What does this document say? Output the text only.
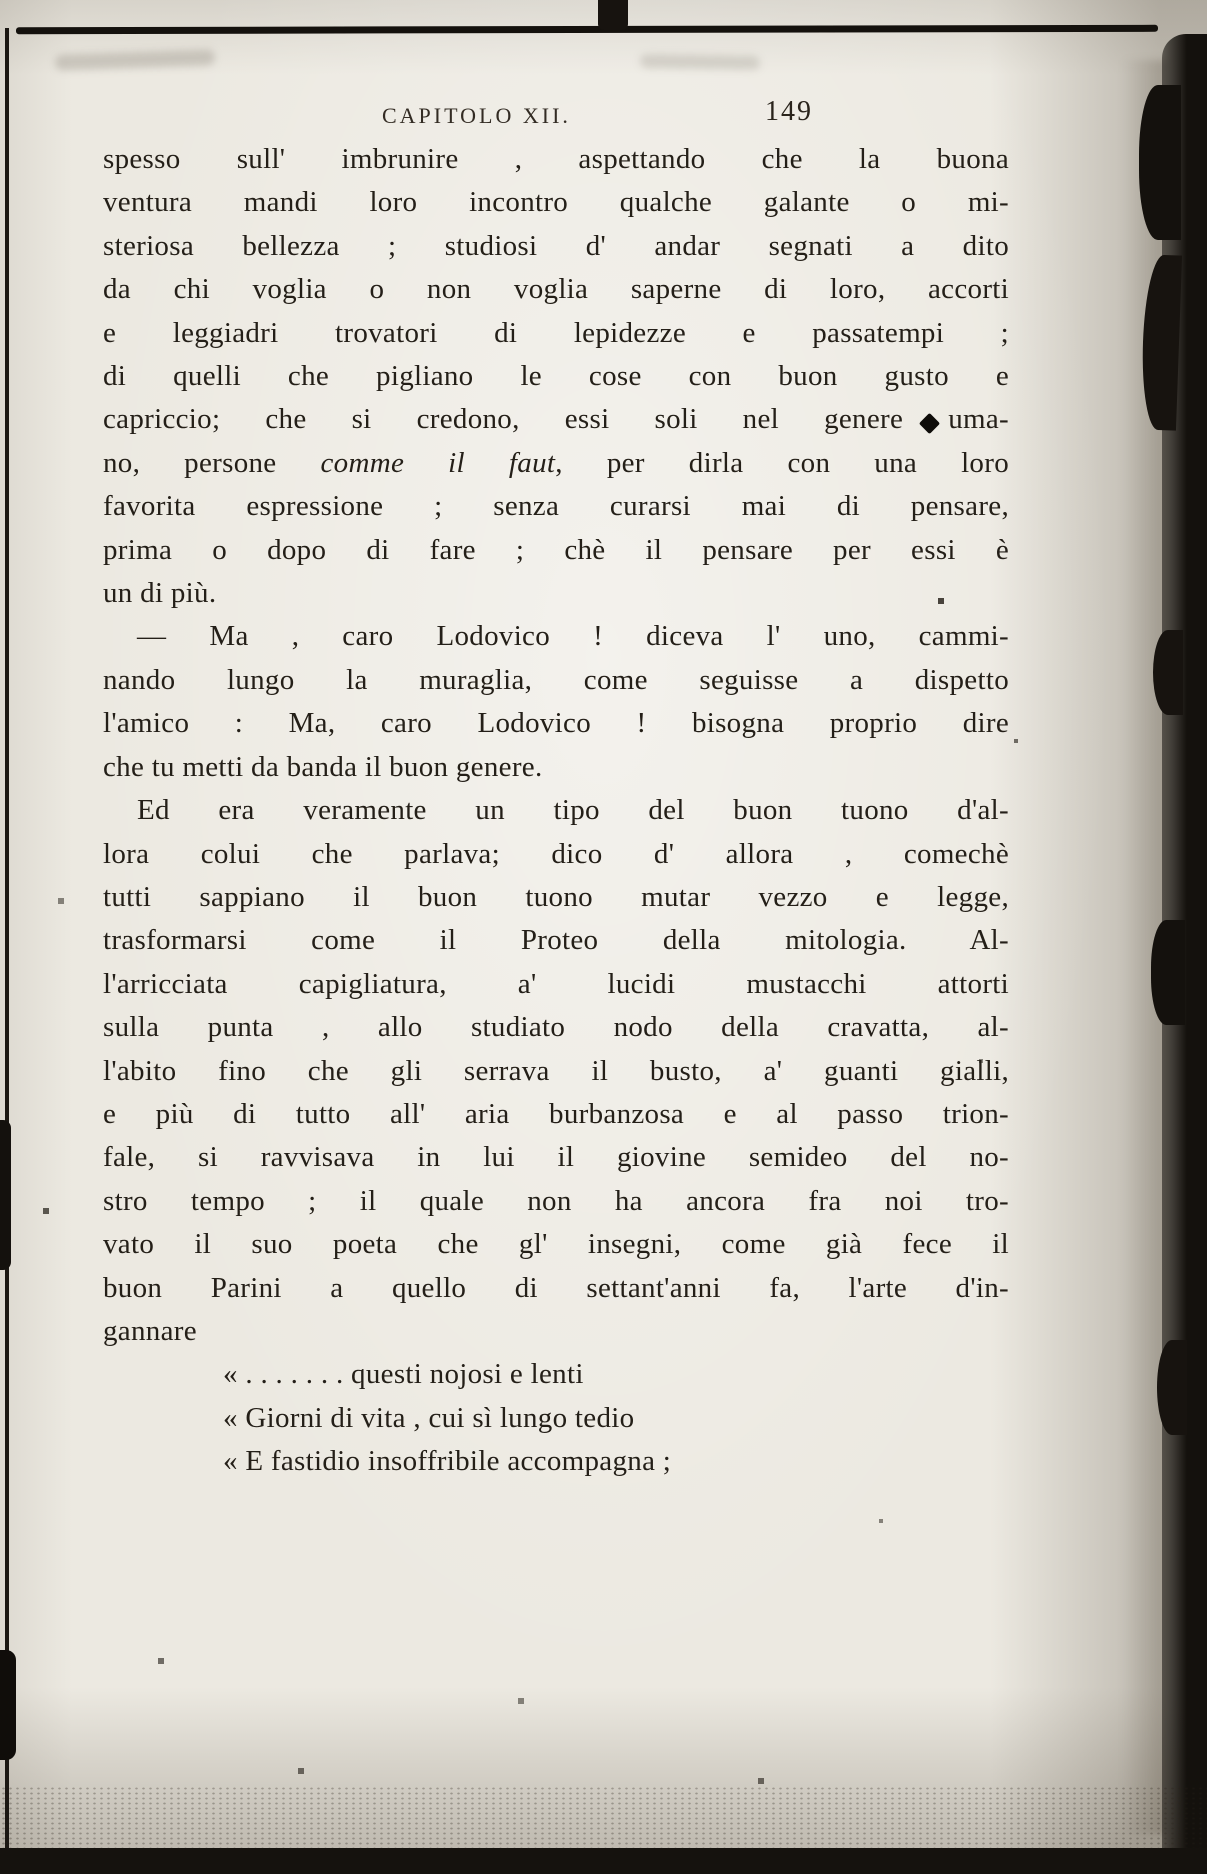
CAPITOLO XII.	149
spesso sull' imbrunire , aspettando che la buona
ventura mandi loro incontro qualche galante o mi-
steriosa bellezza ; studiosi d' andar segnati a dito
da chi voglia o non voglia saperne di loro, accorti
e leggiadri trovatori di lepidezze e passatempi ;
di quelli che pigliano le cose con buon gusto e
capriccio; che si credono, essi soli nel genere uma-
no, persone comme il faut, per dirla con una loro
favorita espressione ; senza curarsi mai di pensare,
prima o dopo di fare ; chè il pensare per essi è
un di più.
— Ma , caro Lodovico ! diceva l' uno, cammi-
nando lungo la muraglia, come seguisse a dispetto
l'amico : Ma, caro Lodovico ! bisogna proprio dire
che tu metti da banda il buon genere.
Ed era veramente un tipo del buon tuono d'al-
lora colui che parlava; dico d' allora , comechè
tutti sappiano il buon tuono mutar vezzo e legge,
trasformarsi come il Proteo della mitologia. Al-
l'arricciata capigliatura, a' lucidi mustacchi attorti
sulla punta , allo studiato nodo della cravatta, al-
l'abito fino che gli serrava il busto, a' guanti gialli,
e più di tutto all' aria burbanzosa e al passo trion-
fale, si ravvisava in lui il giovine semideo del no-
stro tempo ; il quale non ha ancora fra noi tro-
vato il suo poeta che gl' insegni, come già fece il
buon Parini a quello di settant'anni fa, l'arte d'in-
gannare
« . . . . . . . questi nojosi e lenti
« Giorni di vita , cui sì lungo tedio
« E fastidio insoffribile accompagna ;
